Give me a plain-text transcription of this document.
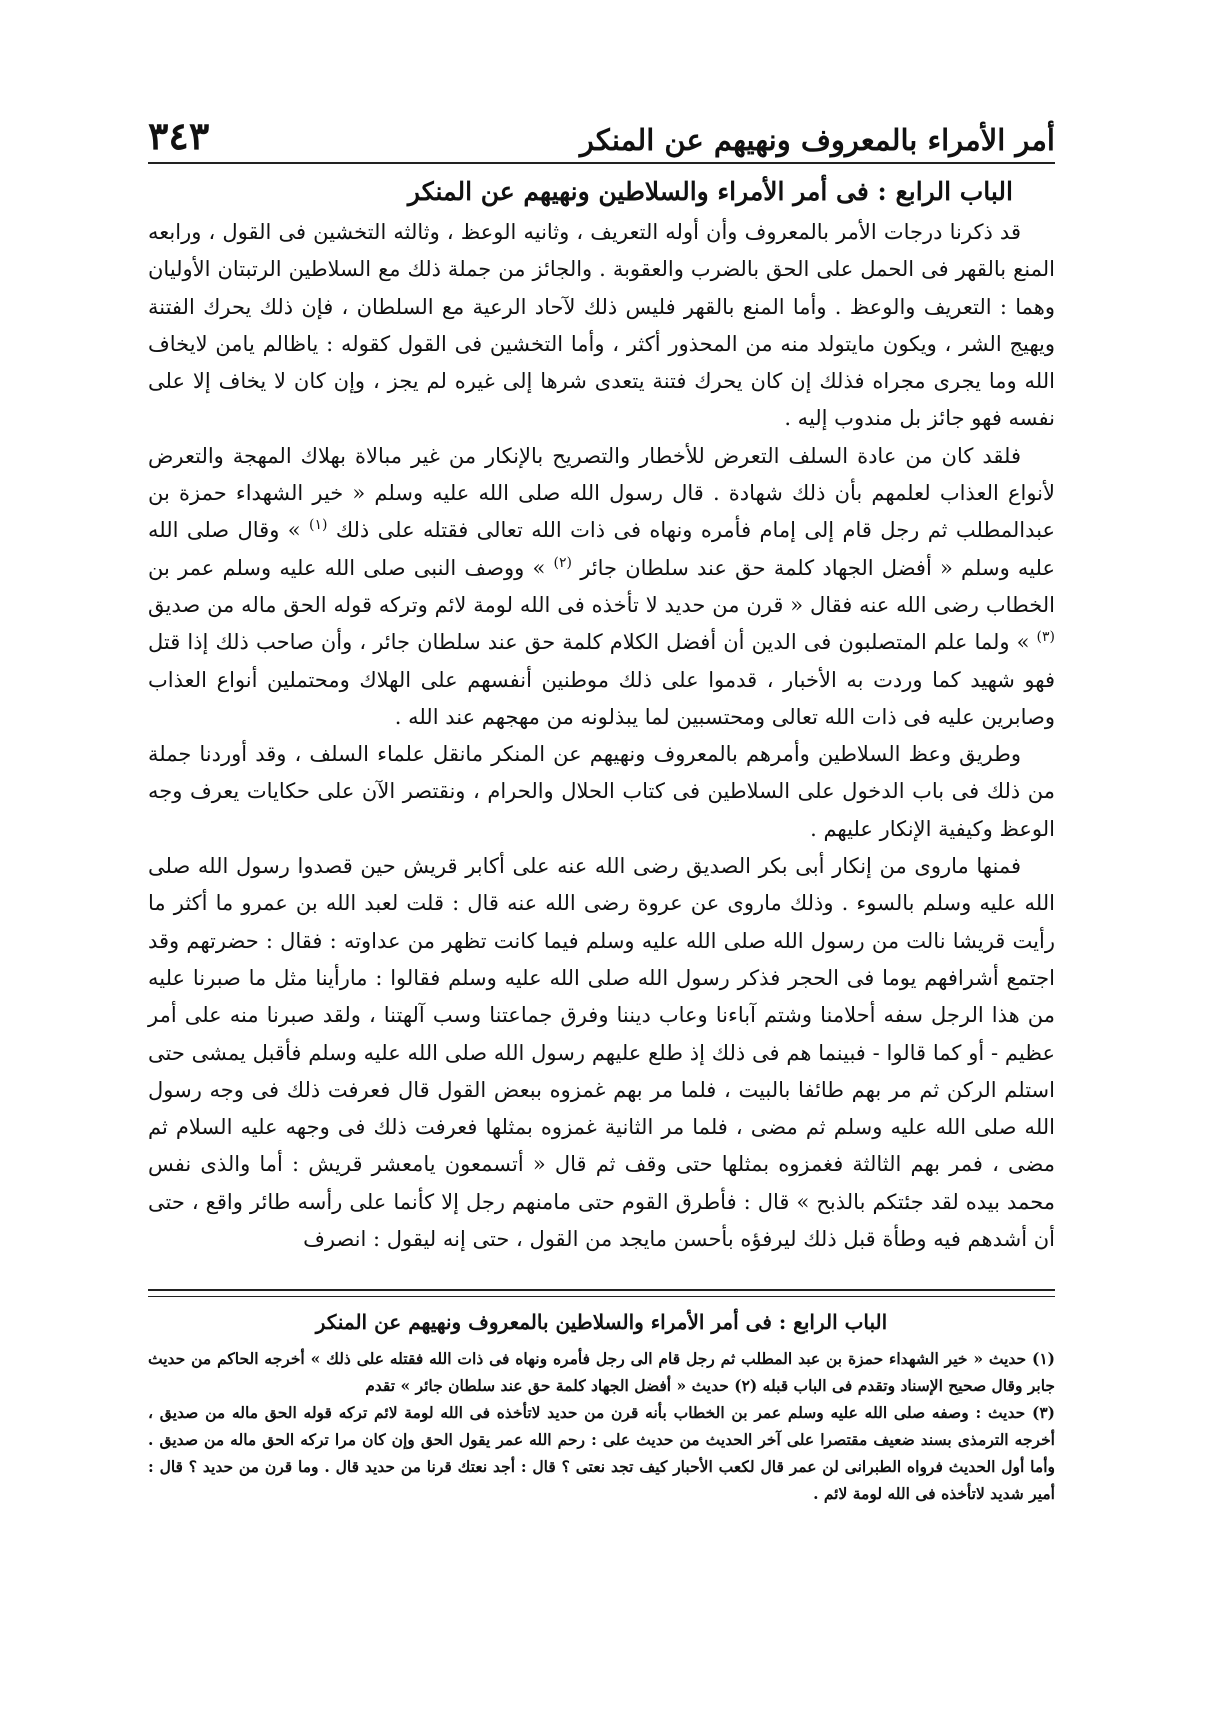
أمر الأمراء بالمعروف ونهيهم عن المنكر
٣٤٣
الباب الرابع : فى أمر الأمراء والسلاطين ونهيهم عن المنكر

قد ذكرنا درجات الأمر بالمعروف وأن أوله التعريف ، وثانيه الوعظ ، وثالثه التخشين فى القول ، ورابعه المنع بالقهر فى الحمل على الحق بالضرب والعقوبة . والجائز من جملة ذلك مع السلاطين الرتبتان الأوليان وهما : التعريف والوعظ . وأما المنع بالقهر فليس ذلك لآحاد الرعية مع السلطان ، فإن ذلك يحرك الفتنة ويهيج الشر ، ويكون مايتولد منه من المحذور أكثر ، وأما التخشين فى القول كقوله : ياظالم يامن لايخاف الله وما يجرى مجراه فذلك إن كان يحرك فتنة يتعدى شرها إلى غيره لم يجز ، وإن كان لا يخاف إلا على نفسه فهو جائز بل مندوب إليه .

فلقد كان من عادة السلف التعرض للأخطار والتصريح بالإنكار من غير مبالاة بهلاك المهجة والتعرض لأنواع العذاب لعلمهم بأن ذلك شهادة . قال رسول الله صلى الله عليه وسلم « خير الشهداء حمزة بن عبدالمطلب ثم رجل قام إلى إمام فأمره ونهاه فى ذات الله تعالى فقتله على ذلك $^{(١)}$ » وقال صلى الله عليه وسلم « أفضل الجهاد كلمة حق عند سلطان جائر $^{(٢)}$ » ووصف النبى صلى الله عليه وسلم عمر بن الخطاب رضى الله عنه فقال « قرن من حديد لا تأخذه فى الله لومة لائم وتركه قوله الحق ماله من صديق $^{(٣)}$ » ولما علم المتصلبون فى الدين أن أفضل الكلام كلمة حق عند سلطان جائر ، وأن صاحب ذلك إذا قتل فهو شهيد كما وردت به الأخبار ، قدموا على ذلك موطنين أنفسهم على الهلاك ومحتملين أنواع العذاب وصابرين عليه فى ذات الله تعالى ومحتسبين لما يبذلونه من مهجهم عند الله .

وطريق وعظ السلاطين وأمرهم بالمعروف ونهيهم عن المنكر مانقل علماء السلف ، وقد أوردنا جملة من ذلك فى باب الدخول على السلاطين فى كتاب الحلال والحرام ، ونقتصر الآن على حكايات يعرف وجه الوعظ وكيفية الإنكار عليهم .

فمنها ماروى من إنكار أبى بكر الصديق رضى الله عنه على أكابر قريش حين قصدوا رسول الله صلى الله عليه وسلم بالسوء . وذلك ماروى عن عروة رضى الله عنه قال : قلت لعبد الله بن عمرو ما أكثر ما رأيت قريشا نالت من رسول الله صلى الله عليه وسلم فيما كانت تظهر من عداوته : فقال : حضرتهم وقد اجتمع أشرافهم يوما فى الحجر فذكر رسول الله صلى الله عليه وسلم فقالوا : مارأينا مثل ما صبرنا عليه من هذا الرجل سفه أحلامنا وشتم آباءنا وعاب ديننا وفرق جماعتنا وسب آلهتنا ، ولقد صبرنا منه على أمر عظيم - أو كما قالوا - فبينما هم فى ذلك إذ طلع عليهم رسول الله صلى الله عليه وسلم فأقبل يمشى حتى استلم الركن ثم مر بهم طائفا بالبيت ، فلما مر بهم غمزوه ببعض القول قال فعرفت ذلك فى وجه رسول الله صلى الله عليه وسلم ثم مضى ، فلما مر الثانية غمزوه بمثلها فعرفت ذلك فى وجهه عليه السلام ثم مضى ، فمر بهم الثالثة فغمزوه بمثلها حتى وقف ثم قال « أتسمعون يامعشر قريش : أما والذى نفس محمد بيده لقد جئتكم بالذبح » قال : فأطرق القوم حتى مامنهم رجل إلا كأنما على رأسه طائر واقع ، حتى أن أشدهم فيه وطأة قبل ذلك ليرفؤه بأحسن مايجد من القول ، حتى إنه ليقول : انصرف

الباب الرابع : فى أمر الأمراء والسلاطين بالمعروف ونهيهم عن المنكر

(١) حديث « خير الشهداء حمزة بن عبد المطلب ثم رجل قام الى رجل فأمره ونهاه فى ذات الله فقتله على ذلك » أخرجه الحاكم من حديث جابر وقال صحيح الإسناد وتقدم فى الباب قبله (٢) حديث « أفضل الجهاد كلمة حق عند سلطان جائر » تقدم

(٣) حديث : وصفه صلى الله عليه وسلم عمر بن الخطاب بأنه قرن من حديد لاتأخذه فى الله لومة لائم تركه قوله الحق ماله من صديق ، أخرجه الترمذى بسند ضعيف مقتصرا على آخر الحديث من حديث على : رحم الله عمر يقول الحق وإن كان مرا تركه الحق ماله من صديق . وأما أول الحديث فرواه الطبرانى لن عمر قال لكعب الأحبار كيف تجد نعتى ؟ قال : أجد نعتك قرنا من حديد قال . وما قرن من حديد ؟ قال : أمير شديد لاتأخذه فى الله لومة لائم .
